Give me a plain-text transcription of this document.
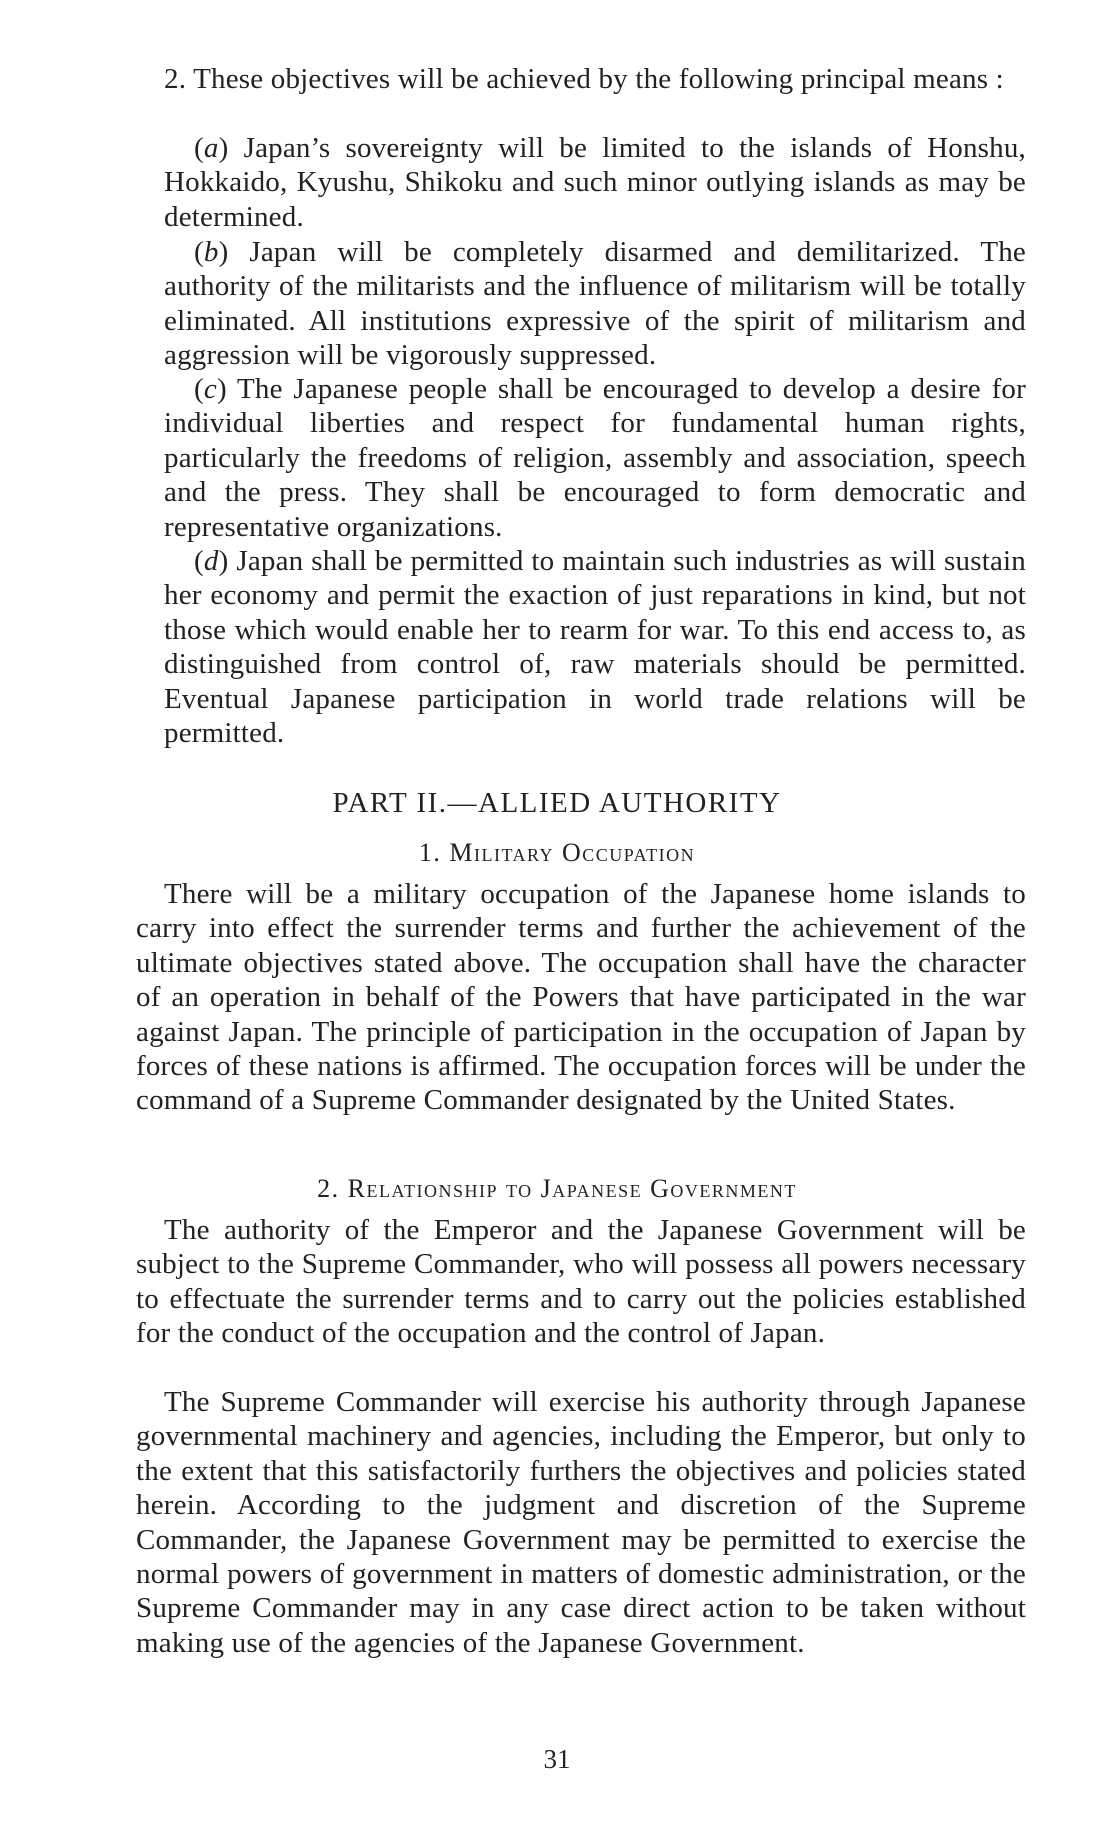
2. These objectives will be achieved by the following principal means :

(a) Japan’s sovereignty will be limited to the islands of Honshu, Hokkaido, Kyushu, Shikoku and such minor outlying islands as may be determined.

(b) Japan will be completely disarmed and demilitarized. The authority of the militarists and the influence of militarism will be totally eliminated. All institutions expressive of the spirit of militarism and aggression will be vigorously suppressed.

(c) The Japanese people shall be encouraged to develop a desire for individual liberties and respect for fundamental human rights, particularly the freedoms of religion, assembly and association, speech and the press. They shall be encouraged to form democratic and representative organizations.

(d) Japan shall be permitted to maintain such industries as will sustain her economy and permit the exaction of just reparations in kind, but not those which would enable her to rearm for war. To this end access to, as distinguished from control of, raw materials should be permitted. Eventual Japanese participation in world trade relations will be permitted.

PART II.—ALLIED AUTHORITY
1. Military Occupation

There will be a military occupation of the Japanese home islands to carry into effect the surrender terms and further the achievement of the ultimate objectives stated above. The occupation shall have the character of an operation in behalf of the Powers that have participated in the war against Japan. The principle of participation in the occupation of Japan by forces of these nations is affirmed. The occupation forces will be under the command of a Supreme Commander designated by the United States.

2. Relationship to Japanese Government

The authority of the Emperor and the Japanese Government will be subject to the Supreme Commander, who will possess all powers necessary to effectuate the surrender terms and to carry out the policies established for the conduct of the occupation and the control of Japan.

The Supreme Commander will exercise his authority through Japanese governmental machinery and agencies, including the Emperor, but only to the extent that this satisfactorily furthers the objectives and policies stated herein. According to the judgment and discretion of the Supreme Commander, the Japanese Government may be permitted to exercise the normal powers of government in matters of domestic administration, or the Supreme Commander may in any case direct action to be taken without making use of the agencies of the Japanese Government.

31
